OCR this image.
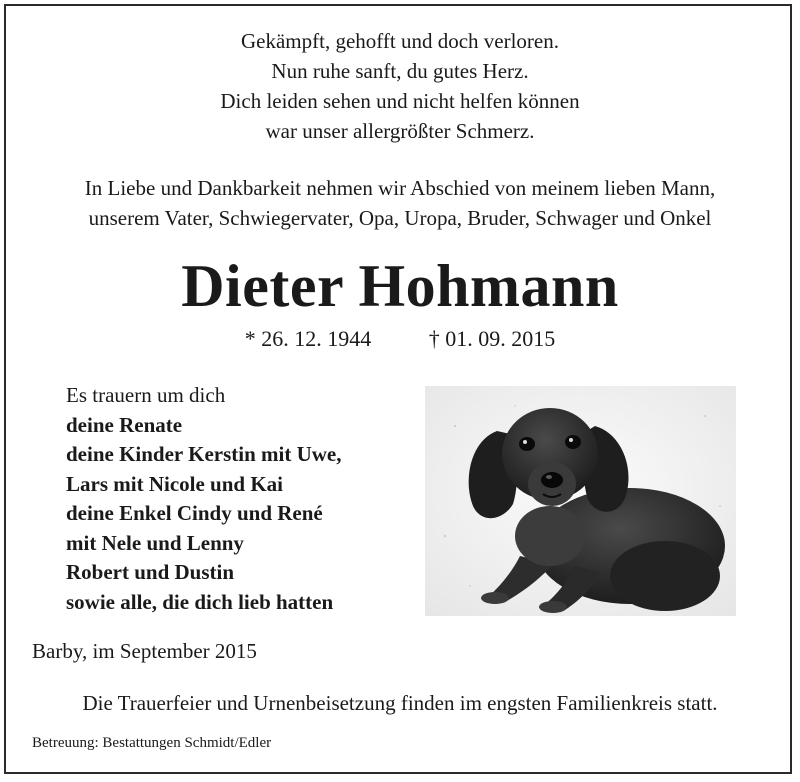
Gekämpft, gehofft und doch verloren.
Nun ruhe sanft, du gutes Herz.
Dich leiden sehen und nicht helfen können
war unser allergrößter Schmerz.
In Liebe und Dankbarkeit nehmen wir Abschied von meinem lieben Mann,
unserem Vater, Schwiegervater, Opa, Uropa, Bruder, Schwager und Onkel
Dieter Hohmann
* 26. 12. 1944	† 01. 09. 2015
Es trauern um dich
deine Renate
deine Kinder Kerstin mit Uwe,
Lars mit Nicole und Kai
deine Enkel Cindy und René
mit Nele und Lenny
Robert und Dustin
sowie alle, die dich lieb hatten
Barby, im September 2015
Die Trauerfeier und Urnenbeisetzung finden im engsten Familienkreis statt.
Betreuung: Bestattungen Schmidt/Edler
